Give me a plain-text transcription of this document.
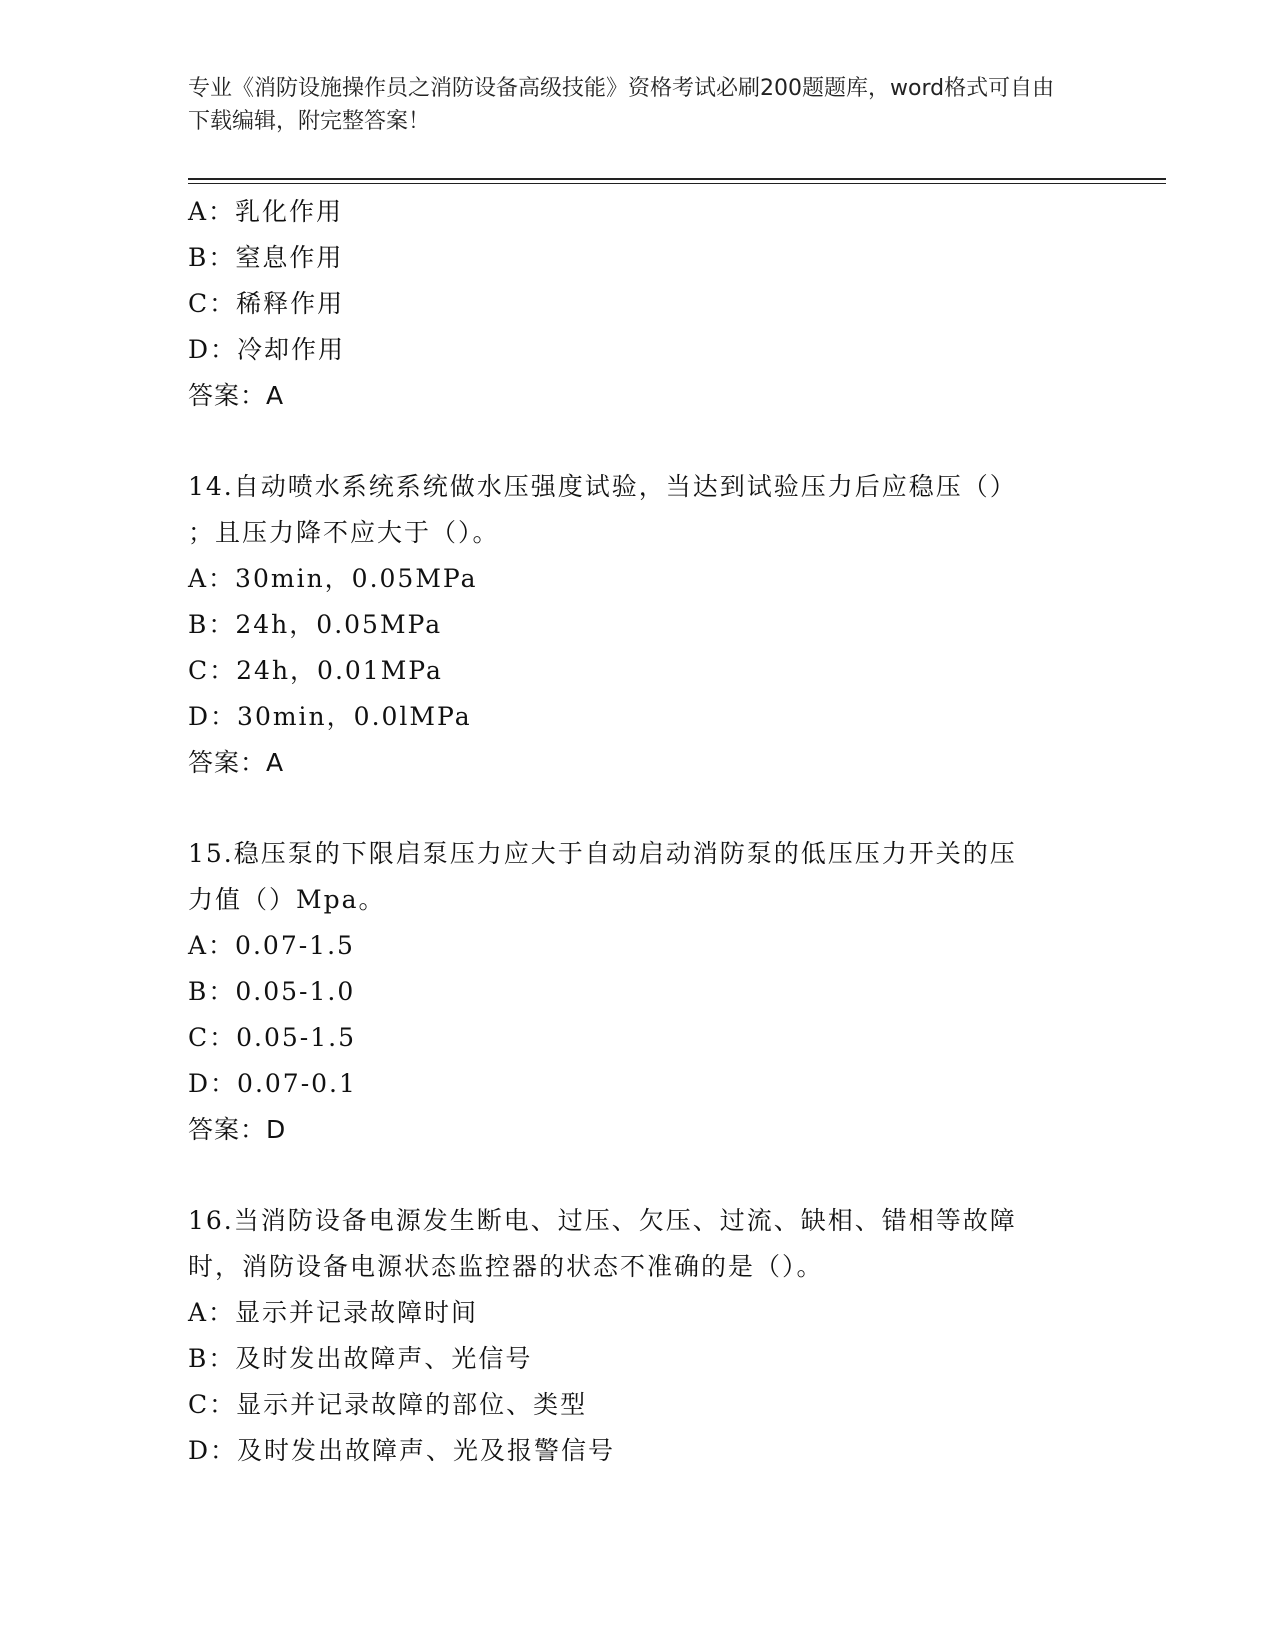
专业《消防设施操作员之消防设备高级技能》资格考试必刷200题题库，word格式可自由下载编辑，附完整答案！
A：乳化作用
B：窒息作用
C：稀释作用
D：冷却作用
答案：A
14.自动喷水系统系统做水压强度试验，当达到试验压力后应稳压（）
；且压力降不应大于（）。
A：30min，0.05MPa
B：24h，0.05MPa
C：24h，0.01MPa
D：30min，0.0lMPa
答案：A
15.稳压泵的下限启泵压力应大于自动启动消防泵的低压压力开关的压
力值（）Mpa。
A：0.07-1.5
B：0.05-1.0
C：0.05-1.5
D：0.07-0.1
答案：D
16.当消防设备电源发生断电、过压、欠压、过流、缺相、错相等故障
时，消防设备电源状态监控器的状态不准确的是（）。
A：显示并记录故障时间
B：及时发出故障声、光信号
C：显示并记录故障的部位、类型
D：及时发出故障声、光及报警信号
